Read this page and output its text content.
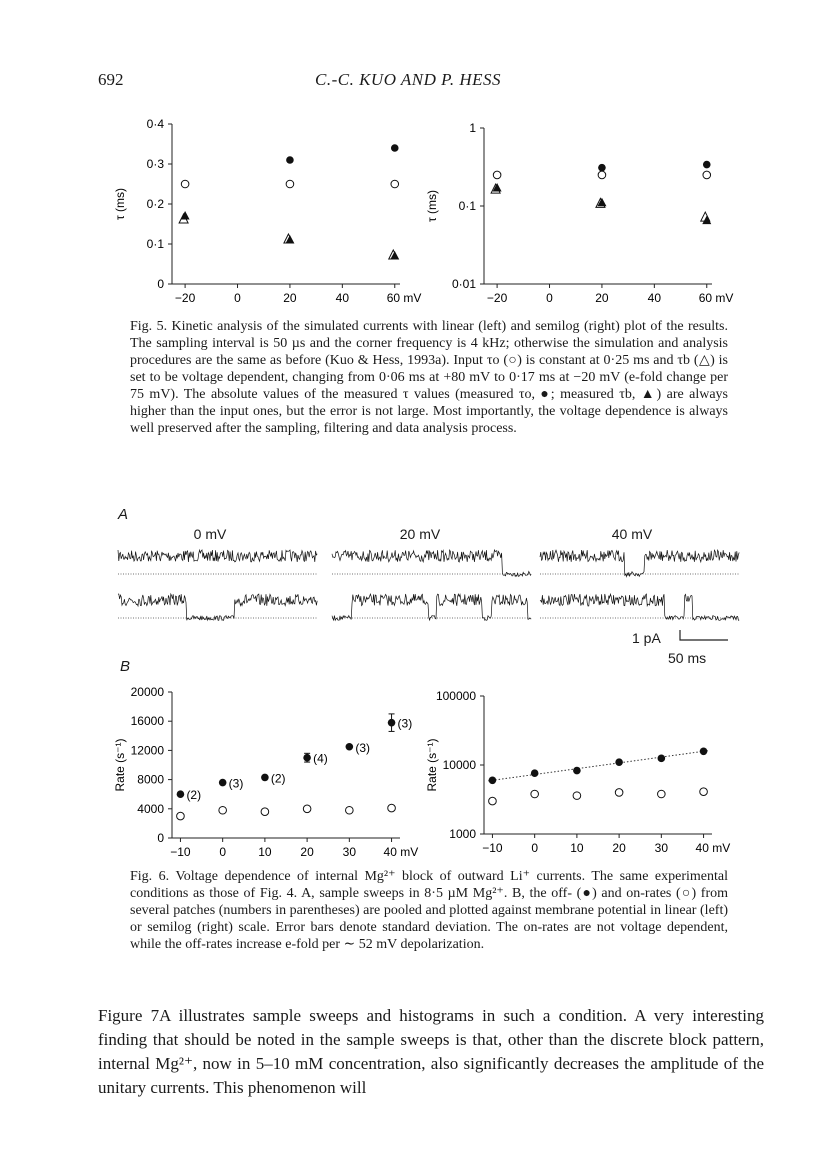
692	C.-C. KUO AND P. HESS
0·4
0·3
0·2
0·1
0
−20	0	20	40	60 mV
τ (ms)
1
0·1
0·01
−20	0	20	40	60 mV
τ (ms)
Fig. 5. Kinetic analysis of the simulated currents with linear (left) and semilog (right) plot of the results. The sampling interval is 50 µs and the corner frequency is 4 kHz; otherwise the simulation and analysis procedures are the same as before (Kuo & Hess, 1993a). Input τo (○) is constant at 0·25 ms and τb (△) is set to be voltage dependent, changing from 0·06 ms at +80 mV to 0·17 ms at −20 mV (e-fold change per 75 mV). The absolute values of the measured τ values (measured τo, ●; measured τb, ▲) are always higher than the input ones, but the error is not large. Most importantly, the voltage dependence is always well preserved after the sampling, filtering and data analysis process.
A
0 mV	20 mV	40 mV
1 pA
50 ms
B
20000
16000
12000
8000
4000
0
−10 0	10 20 30 40 mV
Rate (s⁻¹)
(2)
(3) (2)
(4)
(3)
(3)
100000
10000
1000
−10 0	10 20 30 40 mV
Rate (s⁻¹)
Fig. 6. Voltage dependence of internal Mg²⁺ block of outward Li⁺ currents. The same experimental conditions as those of Fig. 4. A, sample sweeps in 8·5 µM Mg²⁺. B, the off- (●) and on-rates (○) from several patches (numbers in parentheses) are pooled and plotted against membrane potential in linear (left) or semilog (right) scale. Error bars denote standard deviation. The on-rates are not voltage dependent, while the off-rates increase e-fold per ∼ 52 mV depolarization.
Figure 7A illustrates sample sweeps and histograms in such a condition. A very interesting finding that should be noted in the sample sweeps is that, other than the discrete block pattern, internal Mg²⁺, now in 5–10 mM concentration, also significantly decreases the amplitude of the unitary currents. This phenomenon will
